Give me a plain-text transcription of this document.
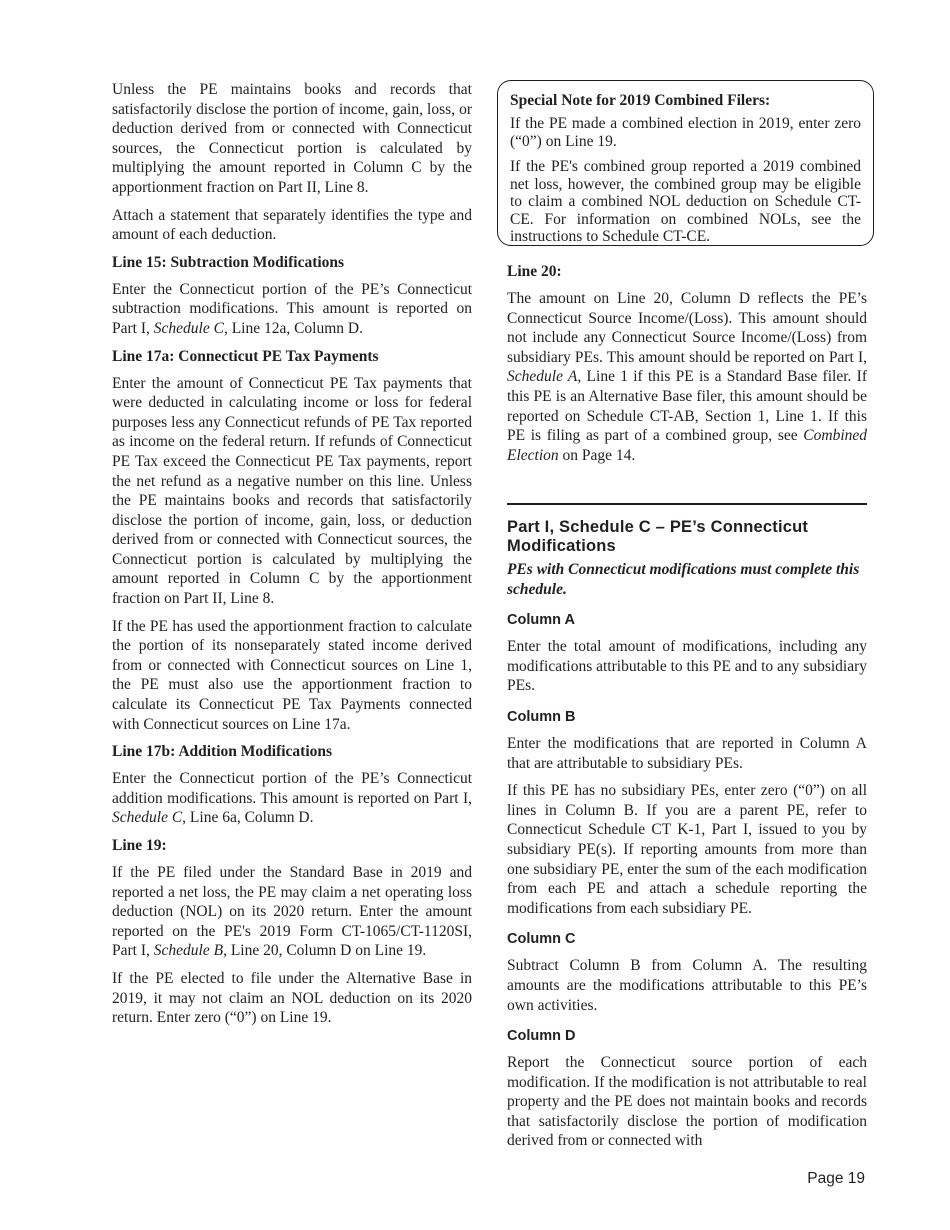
Unless the PE maintains books and records that satisfactorily disclose the portion of income, gain, loss, or deduction derived from or connected with Connecticut sources, the Connecticut portion is calculated by multiplying the amount reported in Column C by the apportionment fraction on Part II, Line 8.

Attach a statement that separately identifies the type and amount of each deduction.

Line 15: Subtraction Modifications

Enter the Connecticut portion of the PE’s Connecticut subtraction modifications. This amount is reported on Part I, Schedule C, Line 12a, Column D.

Line 17a: Connecticut PE Tax Payments

Enter the amount of Connecticut PE Tax payments that were deducted in calculating income or loss for federal purposes less any Connecticut refunds of PE Tax reported as income on the federal return. If refunds of Connecticut PE Tax exceed the Connecticut PE Tax payments, report the net refund as a negative number on this line. Unless the PE maintains books and records that satisfactorily disclose the portion of income, gain, loss, or deduction derived from or connected with Connecticut sources, the Connecticut portion is calculated by multiplying the amount reported in Column C by the apportionment fraction on Part II, Line 8.

If the PE has used the apportionment fraction to calculate the portion of its nonseparately stated income derived from or connected with Connecticut sources on Line 1, the PE must also use the apportionment fraction to calculate its Connecticut PE Tax Payments connected with Connecticut sources on Line 17a.

Line 17b: Addition Modifications

Enter the Connecticut portion of the PE’s Connecticut addition modifications. This amount is reported on Part I, Schedule C, Line 6a, Column D.

Line 19:

If the PE filed under the Standard Base in 2019 and reported a net loss, the PE may claim a net operating loss deduction (NOL) on its 2020 return. Enter the amount reported on the PE's 2019 Form CT-1065/CT-1120SI, Part I, Schedule B, Line 20, Column D on Line 19.

If the PE elected to file under the Alternative Base in 2019, it may not claim an NOL deduction on its 2020 return. Enter zero (“0”) on Line 19.

Special Note for 2019 Combined Filers:

If the PE made a combined election in 2019, enter zero (“0”) on Line 19.

If the PE's combined group reported a 2019 combined net loss, however, the combined group may be eligible to claim a combined NOL deduction on Schedule CT-CE. For information on combined NOLs, see the instructions to Schedule CT-CE.

Line 20:

The amount on Line 20, Column D reflects the PE’s Connecticut Source Income/(Loss). This amount should not include any Connecticut Source Income/(Loss) from subsidiary PEs. This amount should be reported on Part I, Schedule A, Line 1 if this PE is a Standard Base filer. If this PE is an Alternative Base filer, this amount should be reported on Schedule CT-AB, Section 1, Line 1. If this PE is filing as part of a combined group, see Combined Election on Page 14.

Part I, Schedule C – PE’s Connecticut Modifications
PEs with Connecticut modifications must complete this schedule.
Column A

Enter the total amount of modifications, including any modifications attributable to this PE and to any subsidiary PEs.

Column B

Enter the modifications that are reported in Column A that are attributable to subsidiary PEs.

If this PE has no subsidiary PEs, enter zero (“0”) on all lines in Column B. If you are a parent PE, refer to Connecticut Schedule CT K-1, Part I, issued to you by subsidiary PE(s). If reporting amounts from more than one subsidiary PE, enter the sum of the each modification from each PE and attach a schedule reporting the modifications from each subsidiary PE.

Column C

Subtract Column B from Column A. The resulting amounts are the modifications attributable to this PE’s own activities.

Column D

Report the Connecticut source portion of each modification. If the modification is not attributable to real property and the PE does not maintain books and records that satisfactorily disclose the portion of modification derived from or connected with

Page 19
